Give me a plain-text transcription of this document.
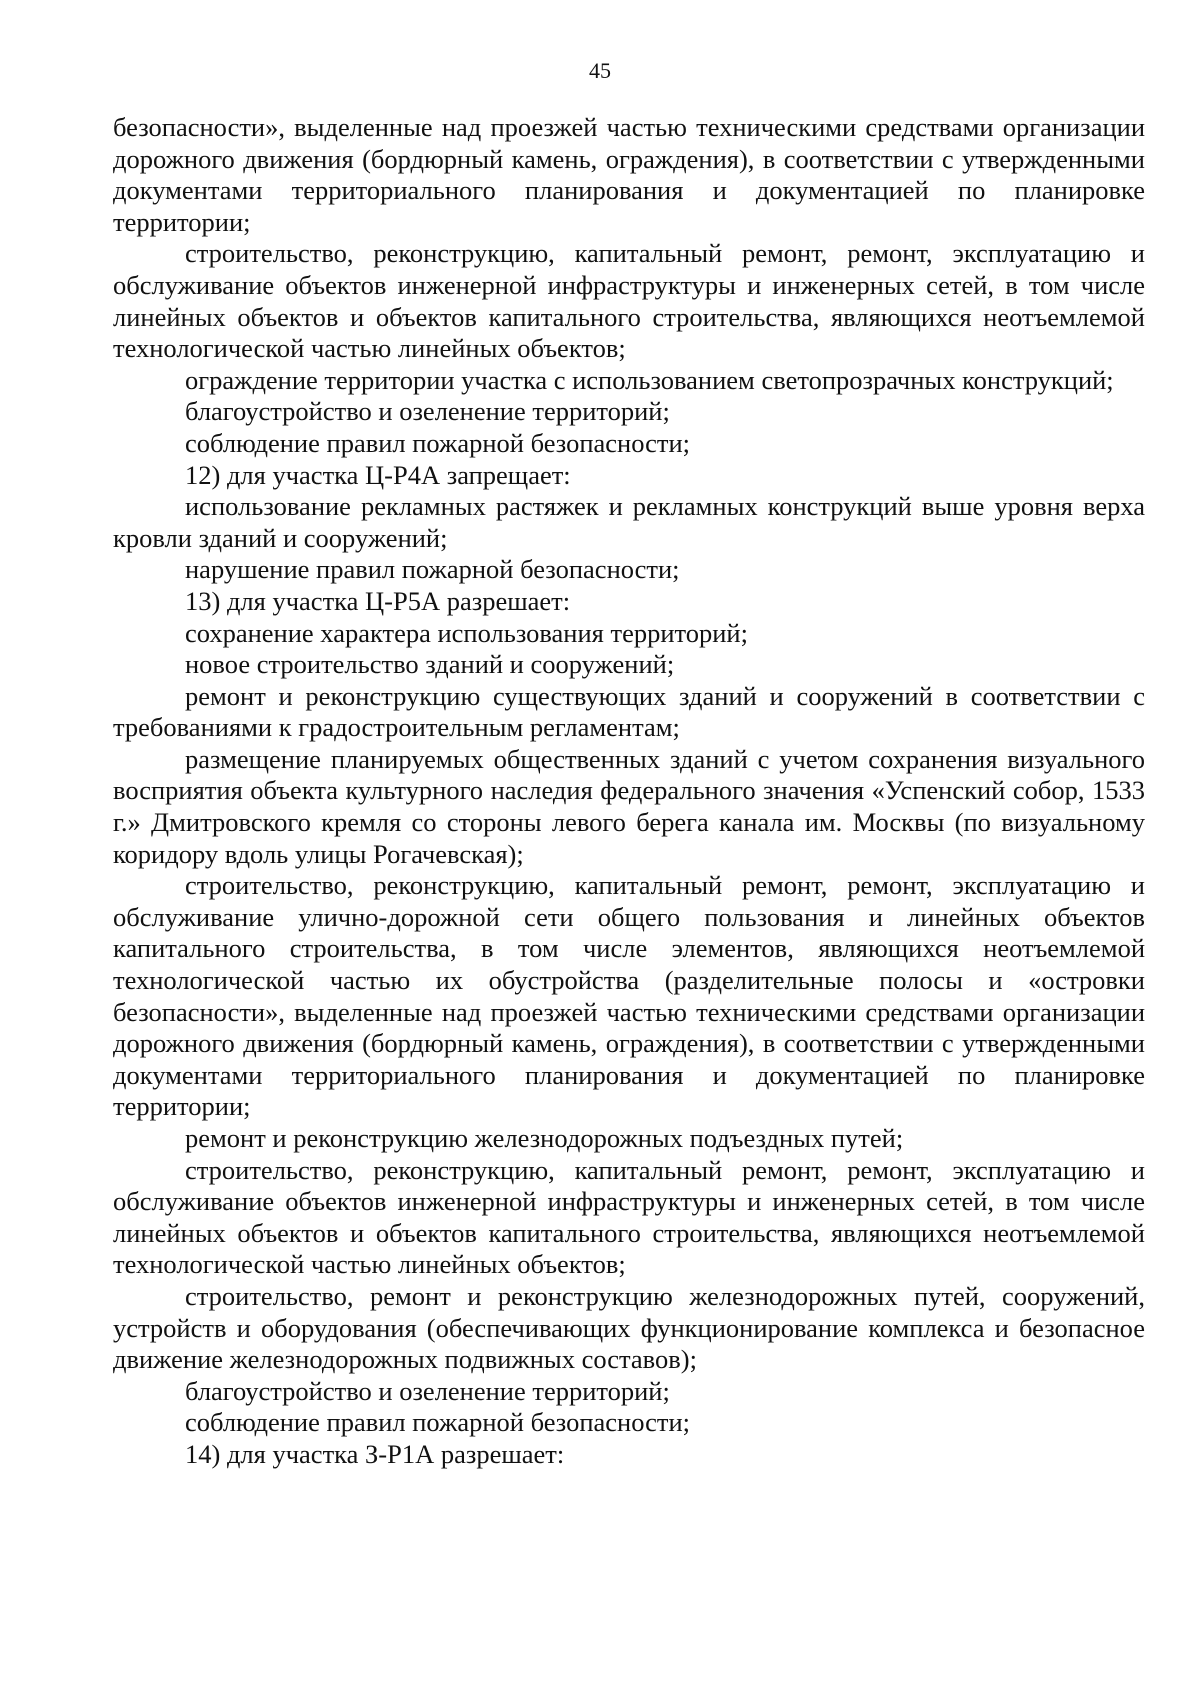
45

безопасности», выделенные над проезжей частью техническими средствами организации дорожного движения (бордюрный камень, ограждения), в соответствии с утвержденными документами территориального планирования и документацией по планировке территории;

строительство, реконструкцию, капитальный ремонт, ремонт, эксплуатацию и обслуживание объектов инженерной инфраструктуры и инженерных сетей, в том числе линейных объектов и объектов капитального строительства, являющихся неотъемлемой технологической частью линейных объектов;

ограждение территории участка с использованием светопрозрачных конструкций;

благоустройство и озеленение территорий;

соблюдение правил пожарной безопасности;

12) для участка Ц-Р4А запрещает:

использование рекламных растяжек и рекламных конструкций выше уровня верха кровли зданий и сооружений;

нарушение правил пожарной безопасности;

13) для участка Ц-Р5А разрешает:

сохранение характера использования территорий;

новое строительство зданий и сооружений;

ремонт и реконструкцию существующих зданий и сооружений в соответствии с требованиями к градостроительным регламентам;

размещение планируемых общественных зданий с учетом сохранения визуального восприятия объекта культурного наследия федерального значения «Успенский собор, 1533 г.» Дмитровского кремля со стороны левого берега канала им. Москвы (по визуальному коридору вдоль улицы Рогачевская);

строительство, реконструкцию, капитальный ремонт, ремонт, эксплуатацию и обслуживание улично-дорожной сети общего пользования и линейных объектов капитального строительства, в том числе элементов, являющихся неотъемлемой технологической частью их обустройства (разделительные полосы и «островки безопасности», выделенные над проезжей частью техническими средствами организации дорожного движения (бордюрный камень, ограждения), в соответствии с утвержденными документами территориального планирования и документацией по планировке территории;

ремонт и реконструкцию железнодорожных подъездных путей;

строительство, реконструкцию, капитальный ремонт, ремонт, эксплуатацию и обслуживание объектов инженерной инфраструктуры и инженерных сетей, в том числе линейных объектов и объектов капитального строительства, являющихся неотъемлемой технологической частью линейных объектов;

строительство, ремонт и реконструкцию железнодорожных путей, сооружений, устройств и оборудования (обеспечивающих функционирование комплекса и безопасное движение железнодорожных подвижных составов);

благоустройство и озеленение территорий;

соблюдение правил пожарной безопасности;

14) для участка З-Р1А разрешает:
